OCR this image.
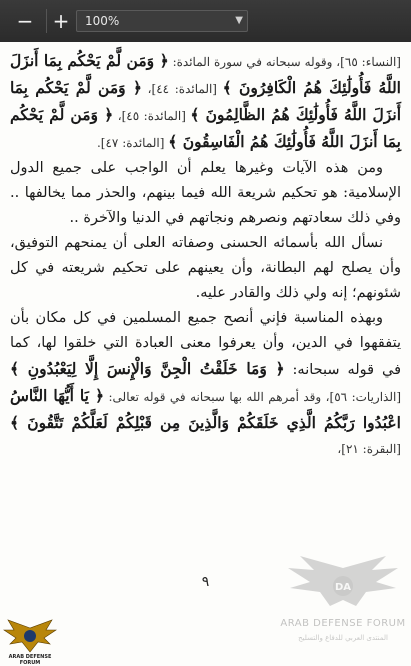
− +	100%	▼

[النساء: ٦٥]، وقوله سبحانه في سورة المائدة: ﴿ وَمَن لَّمْ يَحْكُم بِمَا أَنزَلَ اللَّهُ فَأُولَٰئِكَ هُمُ الْكَافِرُونَ ﴾ [المائدة: ٤٤]، ﴿ وَمَن لَّمْ يَحْكُم بِمَا أَنزَلَ اللَّهُ فَأُولَٰئِكَ هُمُ الظَّالِمُونَ ﴾ [المائدة: ٤٥]، ﴿ وَمَن لَّمْ يَحْكُم بِمَا أَنزَلَ اللَّهُ فَأُولَٰئِكَ هُمُ الْفَاسِقُونَ ﴾ [المائدة: ٤٧].

ومن هذه الآيات وغيرها يعلم أن الواجب على جميع الدول الإسلامية: هو تحكيم شريعة الله فيما بينهم، والحذر مما يخالفها .. وفي ذلك سعادتهم ونصرهم ونجاتهم في الدنيا والآخرة ..

نسأل الله بأسمائه الحسنى وصفاته العلى أن يمنحهم التوفيق، وأن يصلح لهم البطانة، وأن يعينهم على تحكيم شريعته في كل شئونهم؛ إنه ولي ذلك والقادر عليه.

وبهذه المناسبة فإني أنصح جميع المسلمين في كل مكان بأن يتفقهوا في الدين، وأن يعرفوا معنى العبادة التي خلقوا لها، كما في قوله سبحانه: ﴿ وَمَا خَلَقْتُ الْجِنَّ وَالْإِنسَ إِلَّا لِيَعْبُدُونِ ﴾ [الذاريات: ٥٦]، وقد أمرهم الله بها سبحانه في قوله تعالى: ﴿ يَا أَيُّهَا النَّاسُ اعْبُدُوا رَبَّكُمُ الَّذِي خَلَقَكُمْ وَالَّذِينَ مِن قَبْلِكُمْ لَعَلَّكُمْ تَتَّقُونَ ﴾ [البقرة: ٢١]،

٩	DA
ARAB DEFENSE FORUM
المنتدى العربي للدفاع والتسليح
ARAB DEFENSE FORUM
